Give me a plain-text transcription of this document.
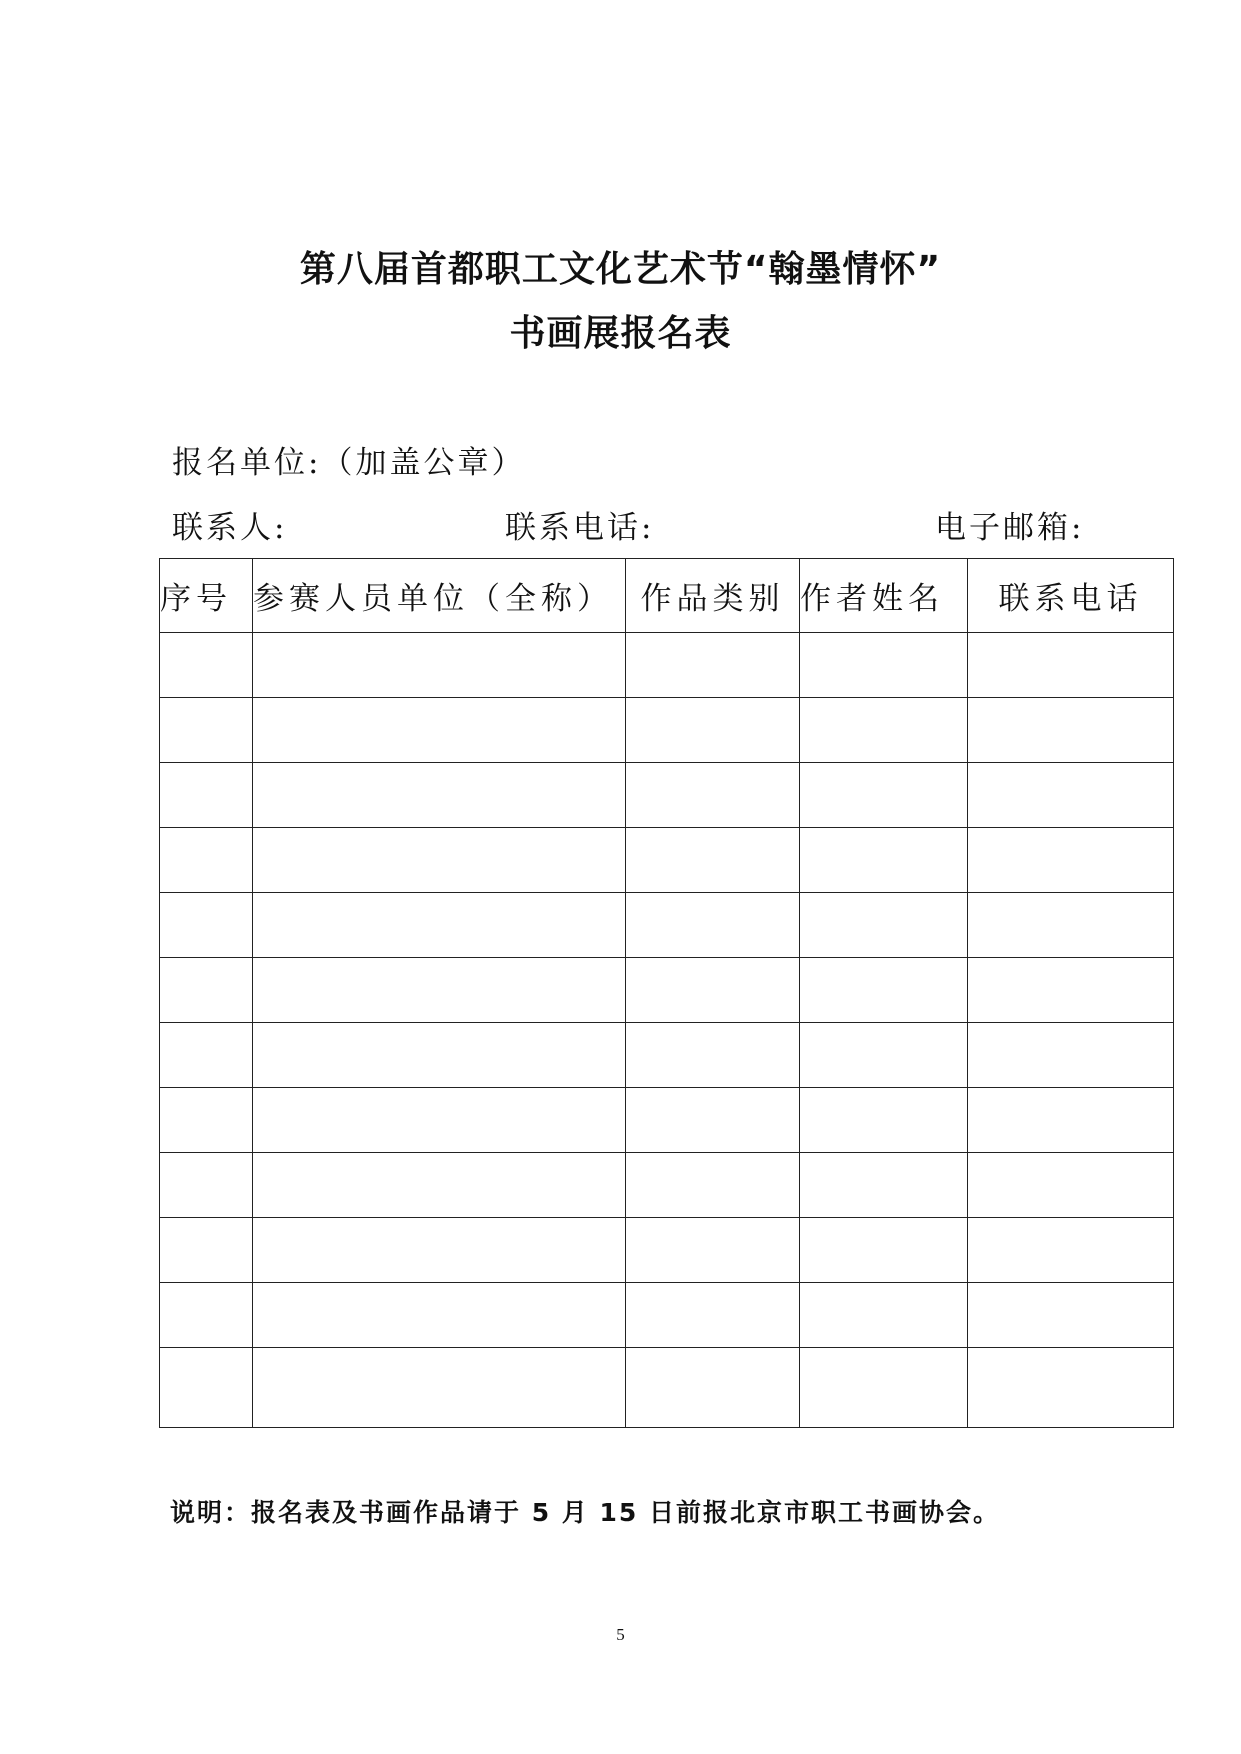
第八届首都职工文化艺术节“翰墨情怀”
书画展报名表
报名单位:（加盖公章）
联系人:	联系电话:	电子邮箱:
序号	参赛人员单位（全称）	作品类别	作者姓名	联系电话

说明：报名表及书画作品请于 5 月 15 日前报北京市职工书画协会。
5
